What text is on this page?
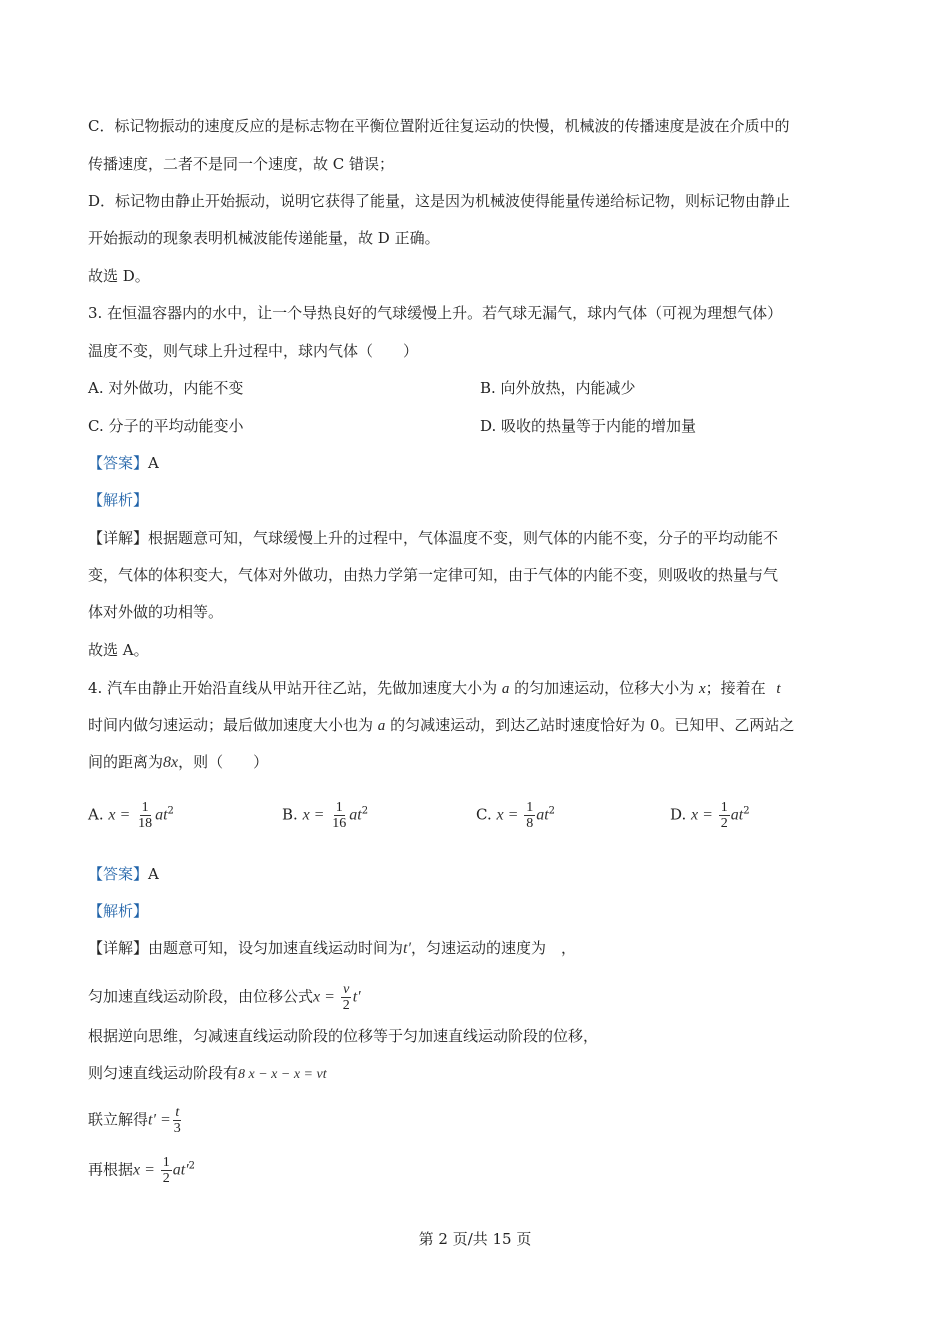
C．标记物振动的速度反应的是标志物在平衡位置附近往复运动的快慢，机械波的传播速度是波在介质中的
传播速度，二者不是同一个速度，故 C 错误；
D．标记物由静止开始振动，说明它获得了能量，这是因为机械波使得能量传递给标记物，则标记物由静止
开始振动的现象表明机械波能传递能量，故 D 正确。
故选 D。
3. 在恒温容器内的水中，让一个导热良好的气球缓慢上升。若气球无漏气，球内气体（可视为理想气体）
温度不变，则气球上升过程中，球内气体（　　）
A. 对外做功，内能不变	B. 向外放热，内能减少
C. 分子的平均动能变小	D. 吸收的热量等于内能的增加量
【答案】A
【解析】
【详解】根据题意可知，气球缓慢上升的过程中，气体温度不变，则气体的内能不变，分子的平均动能不
变，气体的体积变大，气体对外做功，由热力学第一定律可知，由于气体的内能不变，则吸收的热量与气
体对外做的功相等。
故选 A。
4. 汽车由静止开始沿直线从甲站开往乙站，先做加速度大小为 a 的匀加速运动，位移大小为 x；接着在 t
时间内做匀速运动；最后做加速度大小也为 a 的匀减速运动，到达乙站时速度恰好为 0。已知甲、乙两站之
间的距离为8x，则（　　）
A. $x = \frac{1}{18} at^2$	B. $x = \frac{1}{16} at^2$	C. $x = \frac{1}{8} at^2$	D. $x = \frac{1}{2} at^2$
【答案】A
【解析】
【详解】由题意可知，设匀加速直线运动时间为t′，匀速运动的速度为　，
匀加速直线运动阶段，由位移公式$x = \frac{v}{2} t'$
根据逆向思维，匀减速直线运动阶段的位移等于匀加速直线运动阶段的位移，
则匀速直线运动阶段有8 x − x − x = vt
联立解得$t' = \frac{t}{3}$
再根据$x = \frac{1}{2} at'^2$
第 2 页/共 15 页
